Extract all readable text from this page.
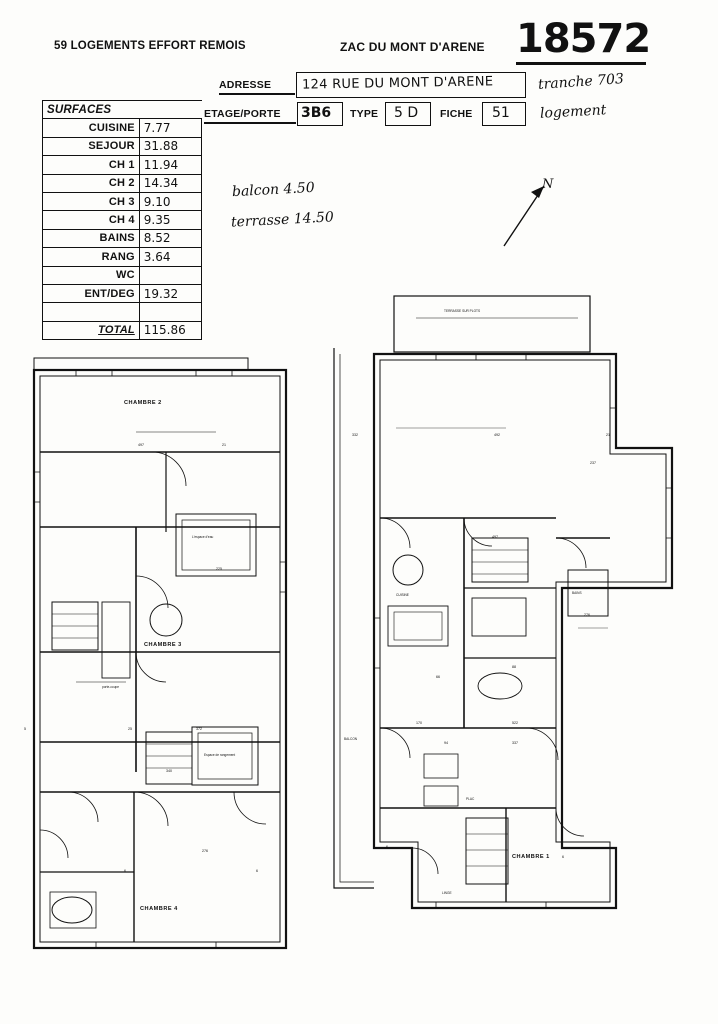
59 LOGEMENTS EFFORT REMOIS	ZAC DU MONT D'ARENE 18572
ADRESSE 124 RUE DU MONT D'ARENE	tranche 703
ETAGE/PORTE 3B6 TYPE 5 D FICHE 51 logement
SURFACES	
CUISINE	7.77
SEJOUR	31.88
CH 1	11.94
CH 2	14.34
CH 3	9.10
CH 4	9.35
BAINS	8.52
RANG	3.64
WC	
ENT/DEG	19.32

TOTAL	115.86
balcon 4.50
terrasse 14.50
N
CHAMBRE 2
CHAMBRE 3
CHAMBRE 4
L'espace d'eau
Espace de rangement
porte-coupe
497	21
225
5	25	372
340
276
6	6
TERRASSE SUR PLOTS
BALCON
CHAMBRE 1
CUISINE	BAINS
LINGE
PLAC
492	21
332
497
66
88
170	522
94	337
276
6
6
237
